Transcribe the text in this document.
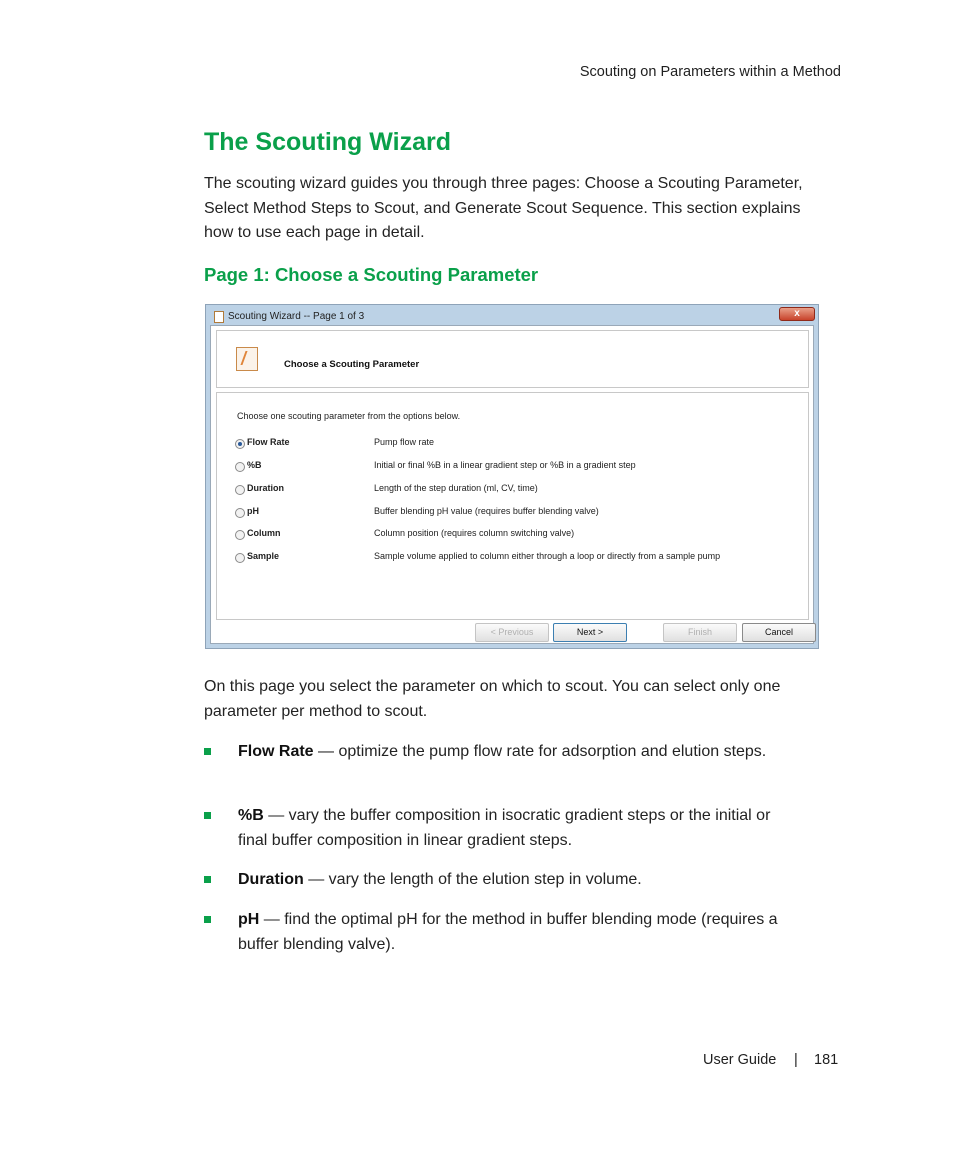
Scouting on Parameters within a Method
The Scouting Wizard

The scouting wizard guides you through three pages: Choose a Scouting Parameter, Select Method Steps to Scout, and Generate Scout Sequence. This section explains how to use each page in detail.

Page 1: Choose a Scouting Parameter
Scouting Wizard -- Page 1 of 3	x
Choose a Scouting Parameter
Choose one scouting parameter from the options below.
Flow Rate	Pump flow rate
%B	Initial or final %B in a linear gradient step or %B in a gradient step
Duration	Length of the step duration (ml, CV, time)
pH	Buffer blending pH value (requires buffer blending valve)
Column	Column position (requires column switching valve)
Sample	Sample volume applied to column either through a loop or directly from a sample pump
< Previous	Next >	Finish	Cancel

On this page you select the parameter on which to scout. You can select only one parameter per method to scout.

Flow Rate — optimize the pump flow rate for adsorption and elution steps.
%B — vary the buffer composition in isocratic gradient steps or the initial or final buffer composition in linear gradient steps.
Duration — vary the length of the elution step in volume.
pH — find the optimal pH for the method in buffer blending mode (requires a buffer blending valve).
User Guide | 181
